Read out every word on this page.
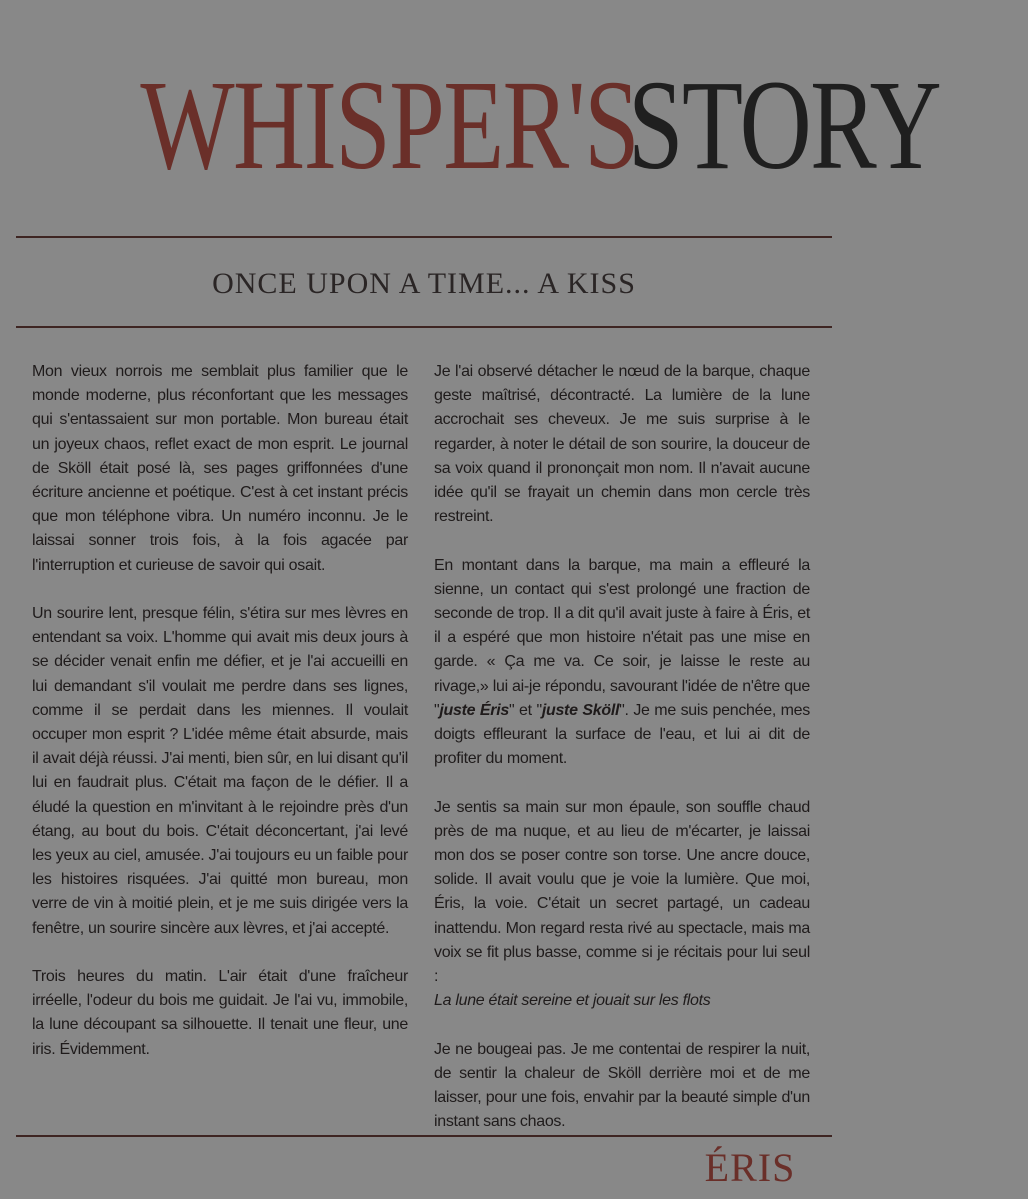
WHISPER'S STORY
ONCE UPON A TIME... A KISS

Mon vieux norrois me semblait plus familier que le monde moderne, plus réconfortant que les messages qui s'entassaient sur mon portable. Mon bureau était un joyeux chaos, reflet exact de mon esprit. Le journal de Sköll était posé là, ses pages griffonnées d'une écriture ancienne et poétique. C'est à cet instant précis que mon téléphone vibra. Un numéro inconnu. Je le laissai sonner trois fois, à la fois agacée par l'interruption et curieuse de savoir qui osait.

Un sourire lent, presque félin, s'étira sur mes lèvres en entendant sa voix. L'homme qui avait mis deux jours à se décider venait enfin me défier, et je l'ai accueilli en lui demandant s'il voulait me perdre dans ses lignes, comme il se perdait dans les miennes. Il voulait occuper mon esprit ? L'idée même était absurde, mais il avait déjà réussi. J'ai menti, bien sûr, en lui disant qu'il lui en faudrait plus. C'était ma façon de le défier. Il a éludé la question en m'invitant à le rejoindre près d'un étang, au bout du bois. C'était déconcertant, j'ai levé les yeux au ciel, amusée. J'ai toujours eu un faible pour les histoires risquées. J'ai quitté mon bureau, mon verre de vin à moitié plein, et je me suis dirigée vers la fenêtre, un sourire sincère aux lèvres, et j'ai accepté.

Trois heures du matin. L'air était d'une fraîcheur irréelle, l'odeur du bois me guidait. Je l'ai vu, immobile, la lune découpant sa silhouette. Il tenait une fleur, une iris. Évidemment.

Je l'ai observé détacher le nœud de la barque, chaque geste maîtrisé, décontracté. La lumière de la lune accrochait ses cheveux. Je me suis surprise à le regarder, à noter le détail de son sourire, la douceur de sa voix quand il prononçait mon nom. Il n'avait aucune idée qu'il se frayait un chemin dans mon cercle très restreint.

En montant dans la barque, ma main a effleuré la sienne, un contact qui s'est prolongé une fraction de seconde de trop. Il a dit qu'il avait juste à faire à Éris, et il a espéré que mon histoire n'était pas une mise en garde. « Ça me va. Ce soir, je laisse le reste au rivage,» lui ai-je répondu, savourant l'idée de n'être que "juste Éris" et "juste Sköll". Je me suis penchée, mes doigts effleurant la surface de l'eau, et lui ai dit de profiter du moment.

Je sentis sa main sur mon épaule, son souffle chaud près de ma nuque, et au lieu de m'écarter, je laissai mon dos se poser contre son torse. Une ancre douce, solide. Il avait voulu que je voie la lumière. Que moi, Éris, la voie. C'était un secret partagé, un cadeau inattendu. Mon regard resta rivé au spectacle, mais ma voix se fit plus basse, comme si je récitais pour lui seul :
La lune était sereine et jouait sur les flots

Je ne bougeai pas. Je me contentai de respirer la nuit, de sentir la chaleur de Sköll derrière moi et de me laisser, pour une fois, envahir par la beauté simple d'un instant sans chaos.

ÉRIS
